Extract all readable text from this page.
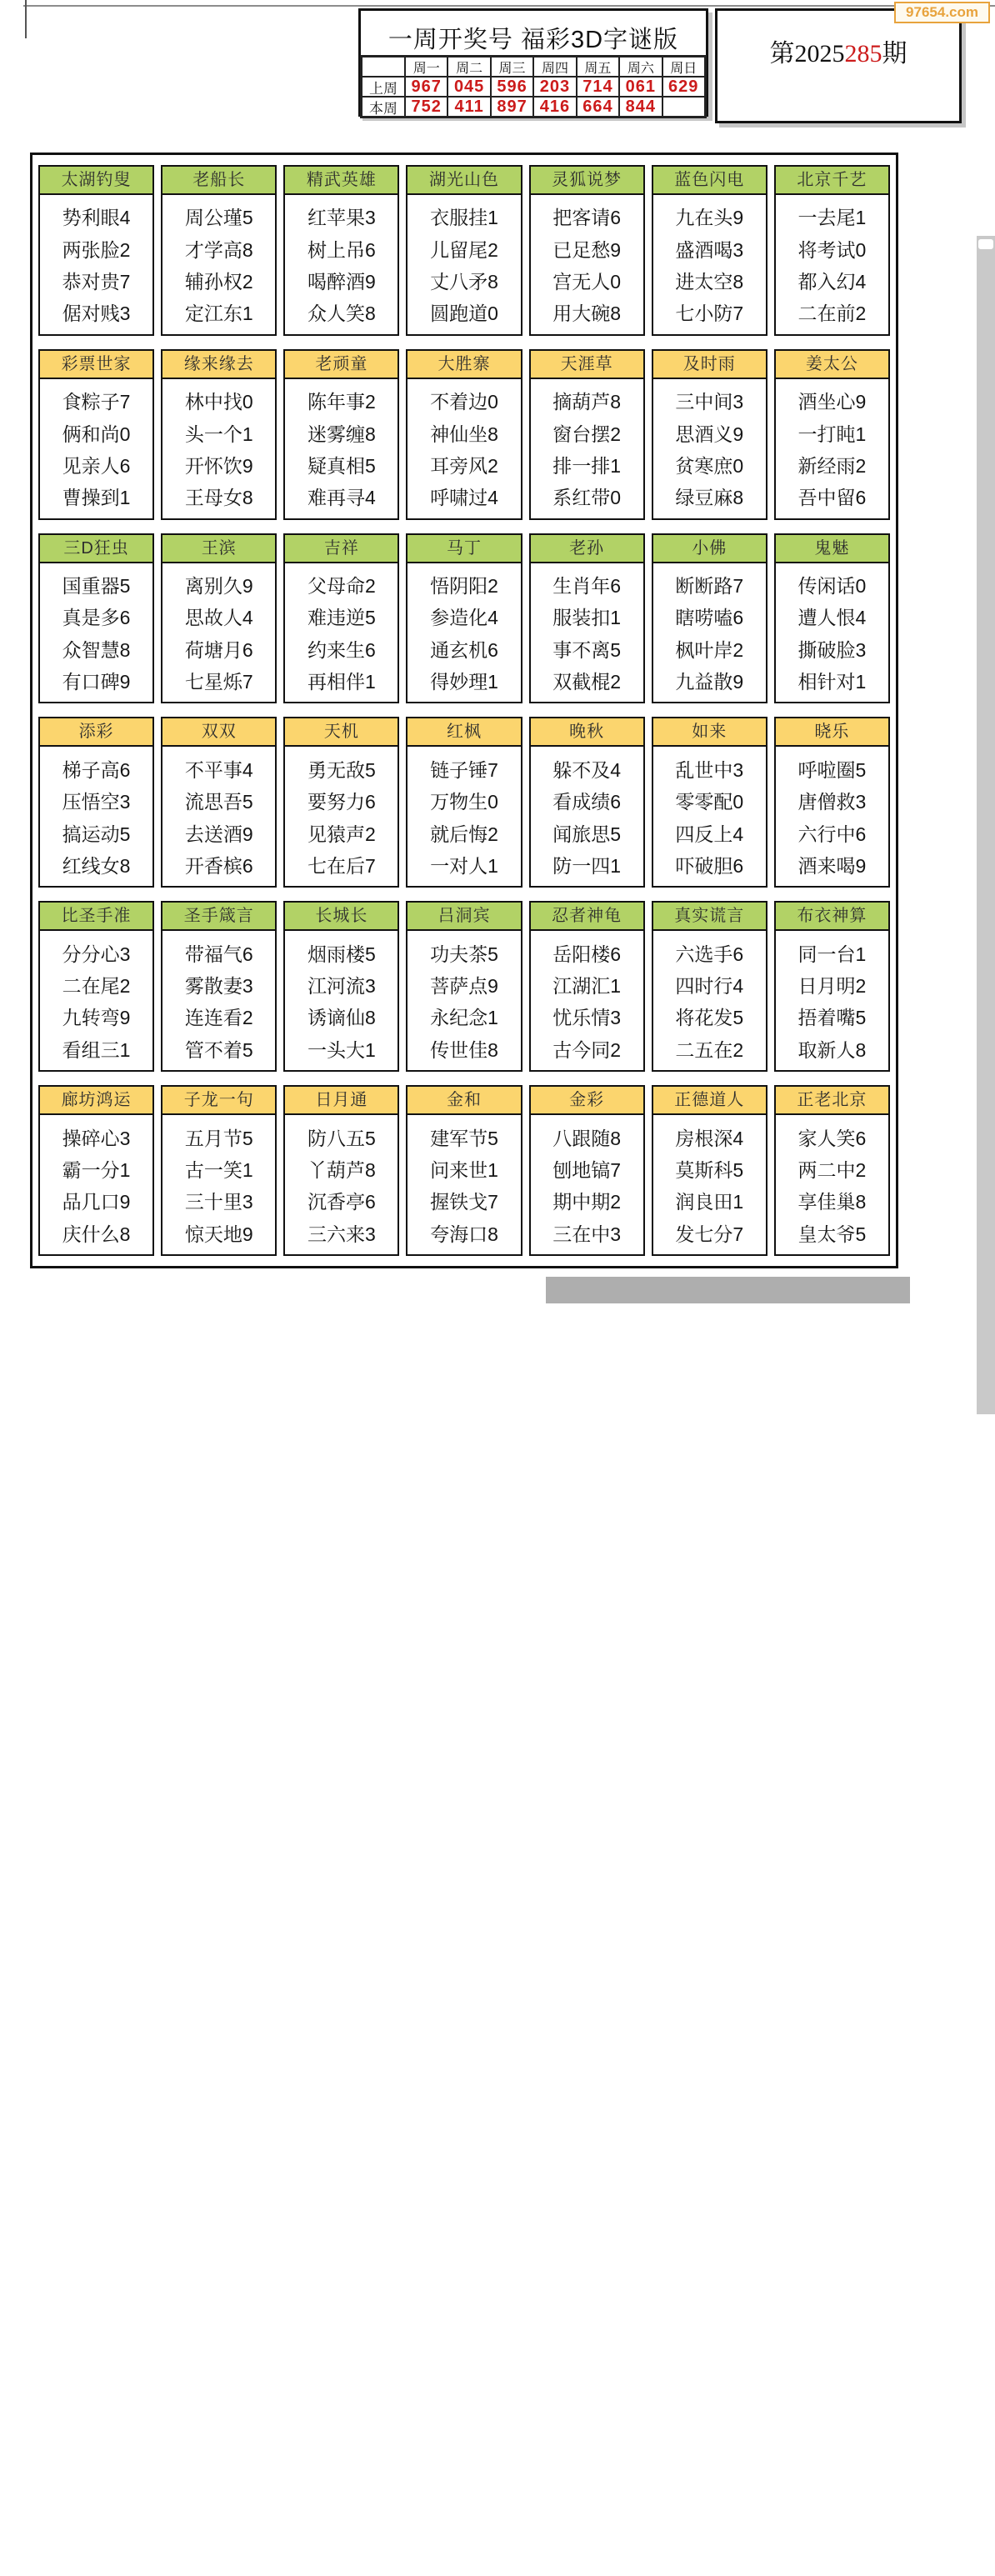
一周开奖号 福彩3D字谜版
周一	周二	周三	周四	周五	周六	周日
上周 967 045 596 203 714 061 629
本周 752 411 897 416 664 844
第2025285期
97654.com
太湖钓叟
势利眼4
两张脸2
恭对贵7
倨对贱3
老船长
周公瑾5
才学高8
辅孙权2
定江东1
精武英雄
红苹果3
树上吊6
喝醉酒9
众人笑8
湖光山色
衣服挂1
儿留尾2
丈八矛8
圆跑道0
灵狐说梦
把客请6
已足愁9
宫无人0
用大碗8
蓝色闪电
九在头9
盛酒喝3
进太空8
七小防7
北京千艺
一去尾1
将考试0
都入幻4
二在前2
彩票世家
食粽子7
俩和尚0
见亲人6
曹操到1
缘来缘去
林中找0
头一个1
开怀饮9
王母女8
老顽童
陈年事2
迷雾缠8
疑真相5
难再寻4
大胜寨
不着边0
神仙坐8
耳旁风2
呼啸过4
天涯草
摘葫芦8
窗台摆2
排一排1
系红带0
及时雨
三中间3
思酒义9
贫寒庶0
绿豆麻8
姜太公
酒坐心9
一打盹1
新经雨2
吾中留6
三D狂虫
国重器5
真是多6
众智慧8
有口碑9
王滨
离别久9
思故人4
荷塘月6
七星烁7
吉祥
父母命2
难违逆5
约来生6
再相伴1
马丁
悟阴阳2
参造化4
通玄机6
得妙理1
老孙
生肖年6
服装扣1
事不离5
双截棍2
小佛
断断路7
瞎唠嗑6
枫叶岸2
九益散9
鬼魅
传闲话0
遭人恨4
撕破脸3
相针对1
添彩
梯子高6
压悟空3
搞运动5
红线女8
双双
不平事4
流思吾5
去送酒9
开香槟6
天机
勇无敌5
要努力6
见猿声2
七在后7
红枫
链子锤7
万物生0
就后悔2
一对人1
晚秋
躲不及4
看成绩6
闻旅思5
防一四1
如来
乱世中3
零零配0
四反上4
吓破胆6
晓乐
呼啦圈5
唐僧救3
六行中6
酒来喝9
比圣手准
分分心3
二在尾2
九转弯9
看组三1
圣手箴言
带福气6
雾散妻3
连连看2
管不着5
长城长
烟雨楼5
江河流3
诱谪仙8
一头大1
吕洞宾
功夫茶5
菩萨点9
永纪念1
传世佳8
忍者神龟
岳阳楼6
江湖汇1
忧乐情3
古今同2
真实谎言
六选手6
四时行4
将花发5
二五在2
布衣神算
同一台1
日月明2
捂着嘴5
取新人8
廊坊鸿运
操碎心3
霸一分1
品几口9
庆什么8
子龙一句
五月节5
古一笑1
三十里3
惊天地9
日月通
防八五5
丫葫芦8
沉香亭6
三六来3
金和
建军节5
问来世1
握铁戈7
夸海口8
金彩
八跟随8
刨地镐7
期中期2
三在中3
正德道人
房根深4
莫斯科5
润良田1
发七分7
正老北京
家人笑6
两二中2
享佳巢8
皇太爷5
